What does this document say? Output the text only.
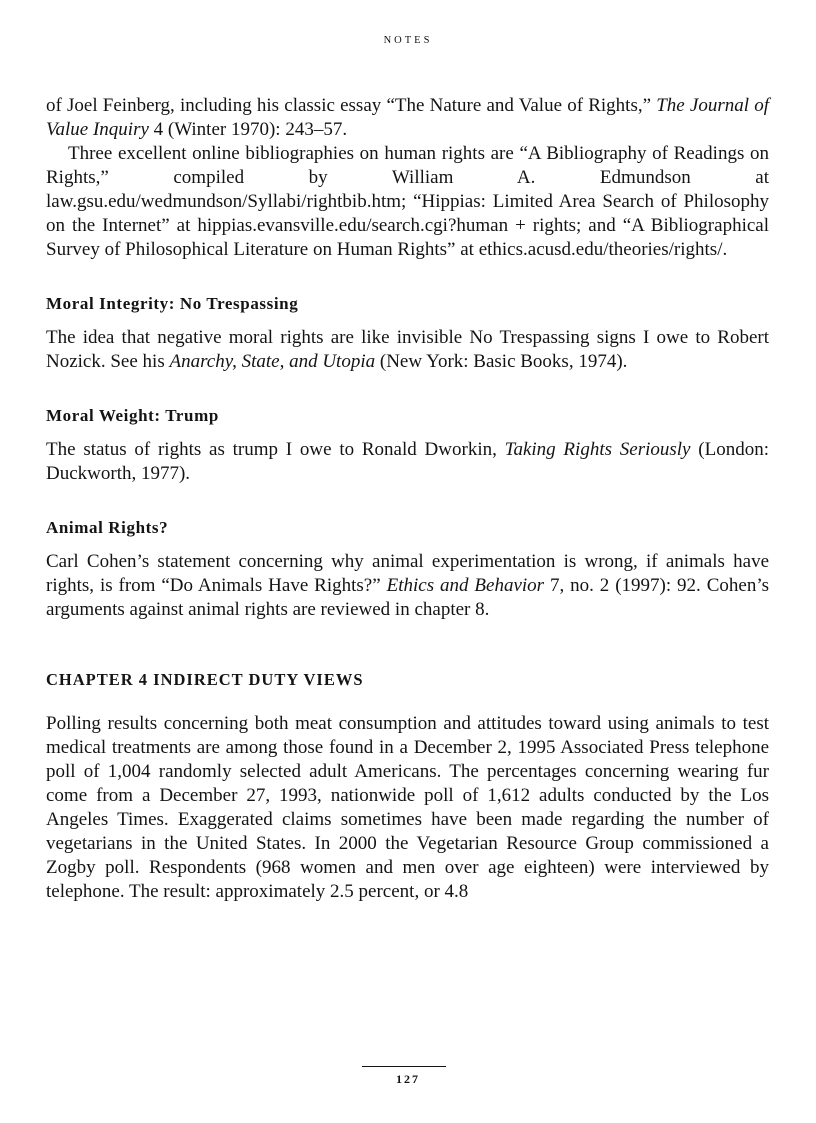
NOTES

of Joel Feinberg, including his classic essay “The Nature and Value of Rights,” The Journal of Value Inquiry 4 (Winter 1970): 243–57.

Three excellent online bibliographies on human rights are “A Bibliography of Readings on Rights,” compiled by William A. Edmundson at law.gsu.edu/wedmundson/Syllabi/rightbib.htm; “Hippias: Limited Area Search of Philosophy on the Internet” at hippias.evansville.edu/search.cgi?human + rights; and “A Bibliographical Survey of Philosophical Literature on Human Rights” at ethics.acusd.edu/theories/rights/.

Moral Integrity: No Trespassing

The idea that negative moral rights are like invisible No Trespassing signs I owe to Robert Nozick. See his Anarchy, State, and Utopia (New York: Basic Books, 1974).

Moral Weight: Trump

The status of rights as trump I owe to Ronald Dworkin, Taking Rights Seriously (London: Duckworth, 1977).

Animal Rights?

Carl Cohen’s statement concerning why animal experimentation is wrong, if animals have rights, is from “Do Animals Have Rights?” Ethics and Behavior 7, no. 2 (1997): 92. Cohen’s arguments against animal rights are reviewed in chapter 8.

CHAPTER 4 INDIRECT DUTY VIEWS

Polling results concerning both meat consumption and attitudes toward using animals to test medical treatments are among those found in a December 2, 1995 Associated Press telephone poll of 1,004 randomly selected adult Americans. The percentages concerning wearing fur come from a December 27, 1993, nationwide poll of 1,612 adults conducted by the Los Angeles Times. Exaggerated claims sometimes have been made regarding the number of vegetarians in the United States. In 2000 the Vegetarian Resource Group commissioned a Zogby poll. Respondents (968 women and men over age eighteen) were interviewed by telephone. The result: approximately 2.5 percent, or 4.8

127
